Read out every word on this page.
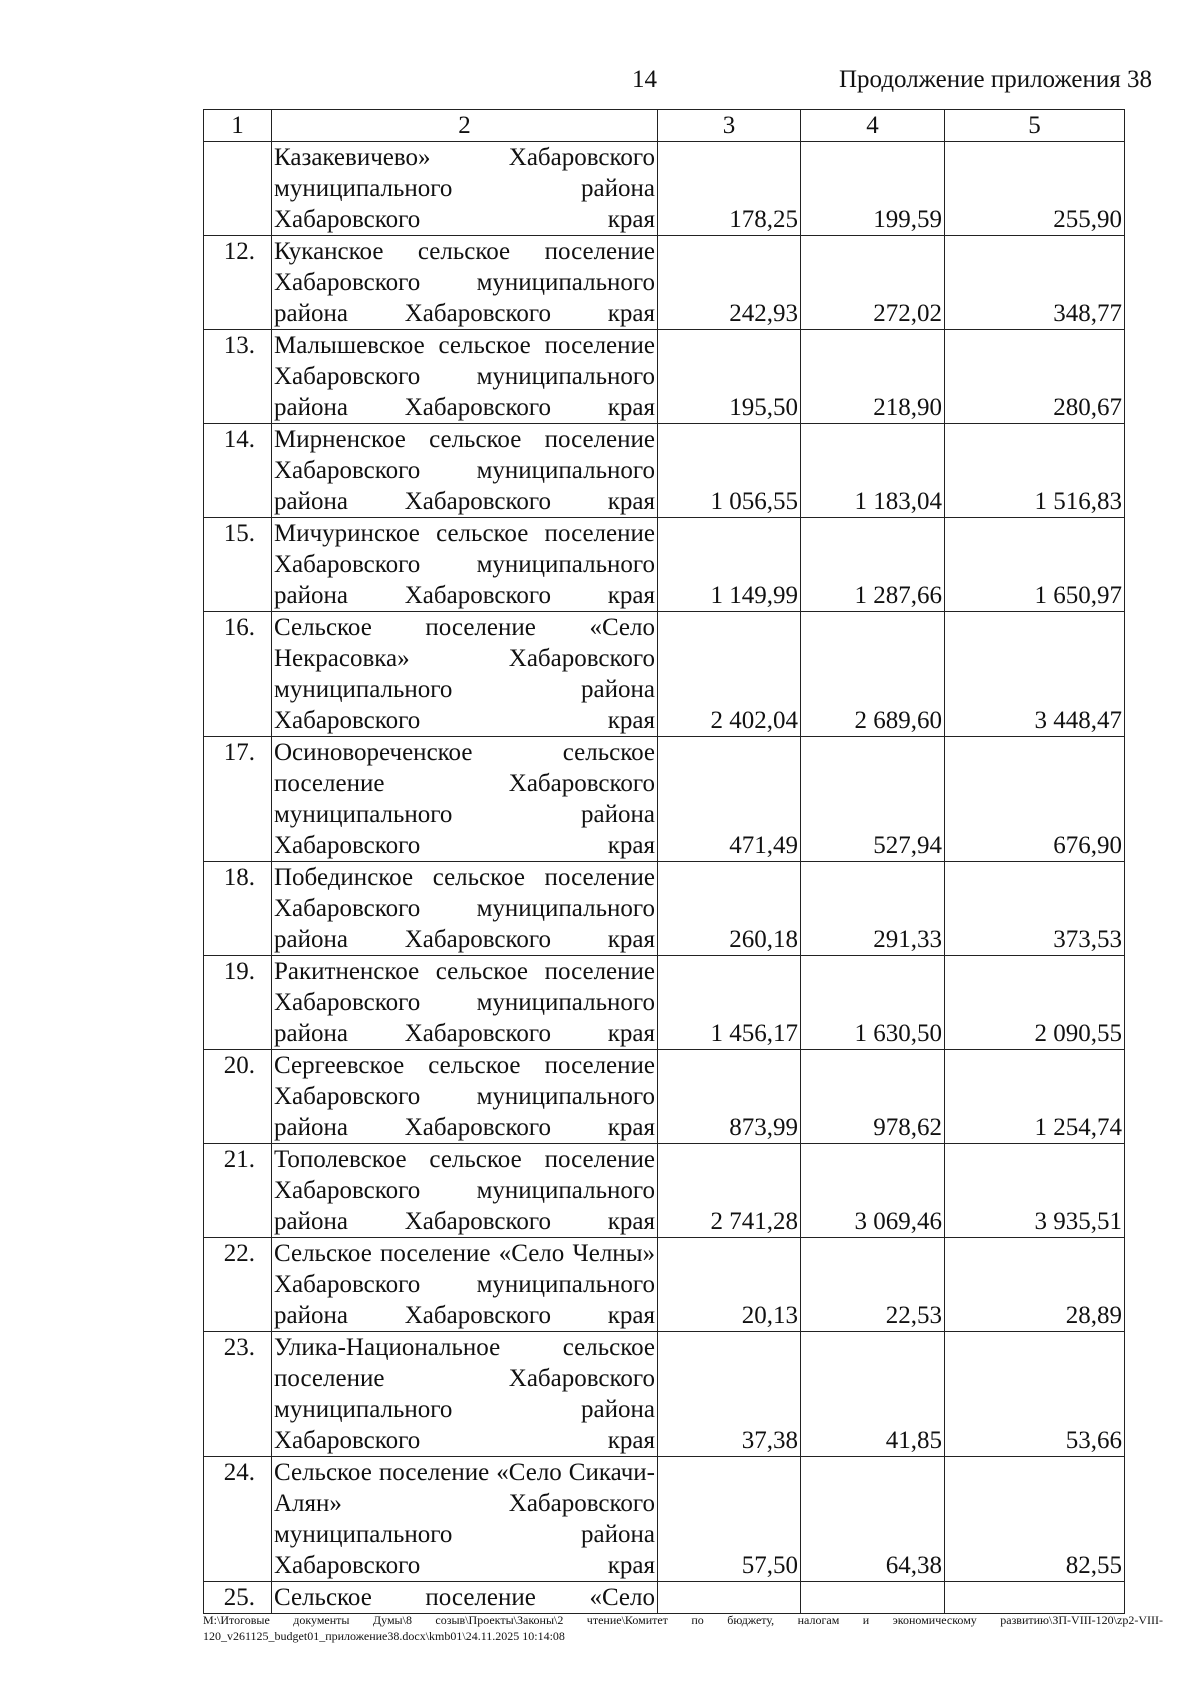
14	Продолжение приложения 38
1	2	3	4	5

	Казакевичево» Хабаровского
муниципального района
Хабаровского края	178,25	199,59	255,90
12.	Куканское сельское поселение
Хабаровского муниципального
района Хабаровского края	242,93	272,02	348,77
13.	Малышевское сельское поселение
Хабаровского муниципального
района Хабаровского края	195,50	218,90	280,67
14.	Мирненское сельское поселение
Хабаровского муниципального
района Хабаровского края	1 056,55	1 183,04	1 516,83
15.	Мичуринское сельское поселение
Хабаровского муниципального
района Хабаровского края	1 149,99	1 287,66	1 650,97
16.	Сельское поселение «Село
Некрасовка» Хабаровского
муниципального района
Хабаровского края	2 402,04	2 689,60	3 448,47
17.	Осиновореченское сельское
поселение Хабаровского
муниципального района
Хабаровского края	471,49	527,94	676,90
18.	Побединское сельское поселение
Хабаровского муниципального
района Хабаровского края	260,18	291,33	373,53
19.	Ракитненское сельское поселение
Хабаровского муниципального
района Хабаровского края	1 456,17	1 630,50	2 090,55
20.	Сергеевское сельское поселение
Хабаровского муниципального
района Хабаровского края	873,99	978,62	1 254,74
21.	Тополевское сельское поселение
Хабаровского муниципального
района Хабаровского края	2 741,28	3 069,46	3 935,51
22.	Сельское поселение «Село Челны»
Хабаровского муниципального
района Хабаровского края	20,13	22,53	28,89
23.	Улика-Национальное сельское
поселение Хабаровского
муниципального района
Хабаровского края	37,38	41,85	53,66
24.	Сельское поселение «Село Сикачи-
Алян» Хабаровского
муниципального района
Хабаровского края	57,50	64,38	82,55
25.	Сельское поселение «Село			

M:\Итоговые документы Думы\8 созыв\Проекты\Законы\2 чтение\Комитет по бюджету, налогам и экономическому развитию\ЗП-VIII-120\zp2-VIII-120_v261125_budget01_приложение38.docx\kmb01\24.11.2025 10:14:08
